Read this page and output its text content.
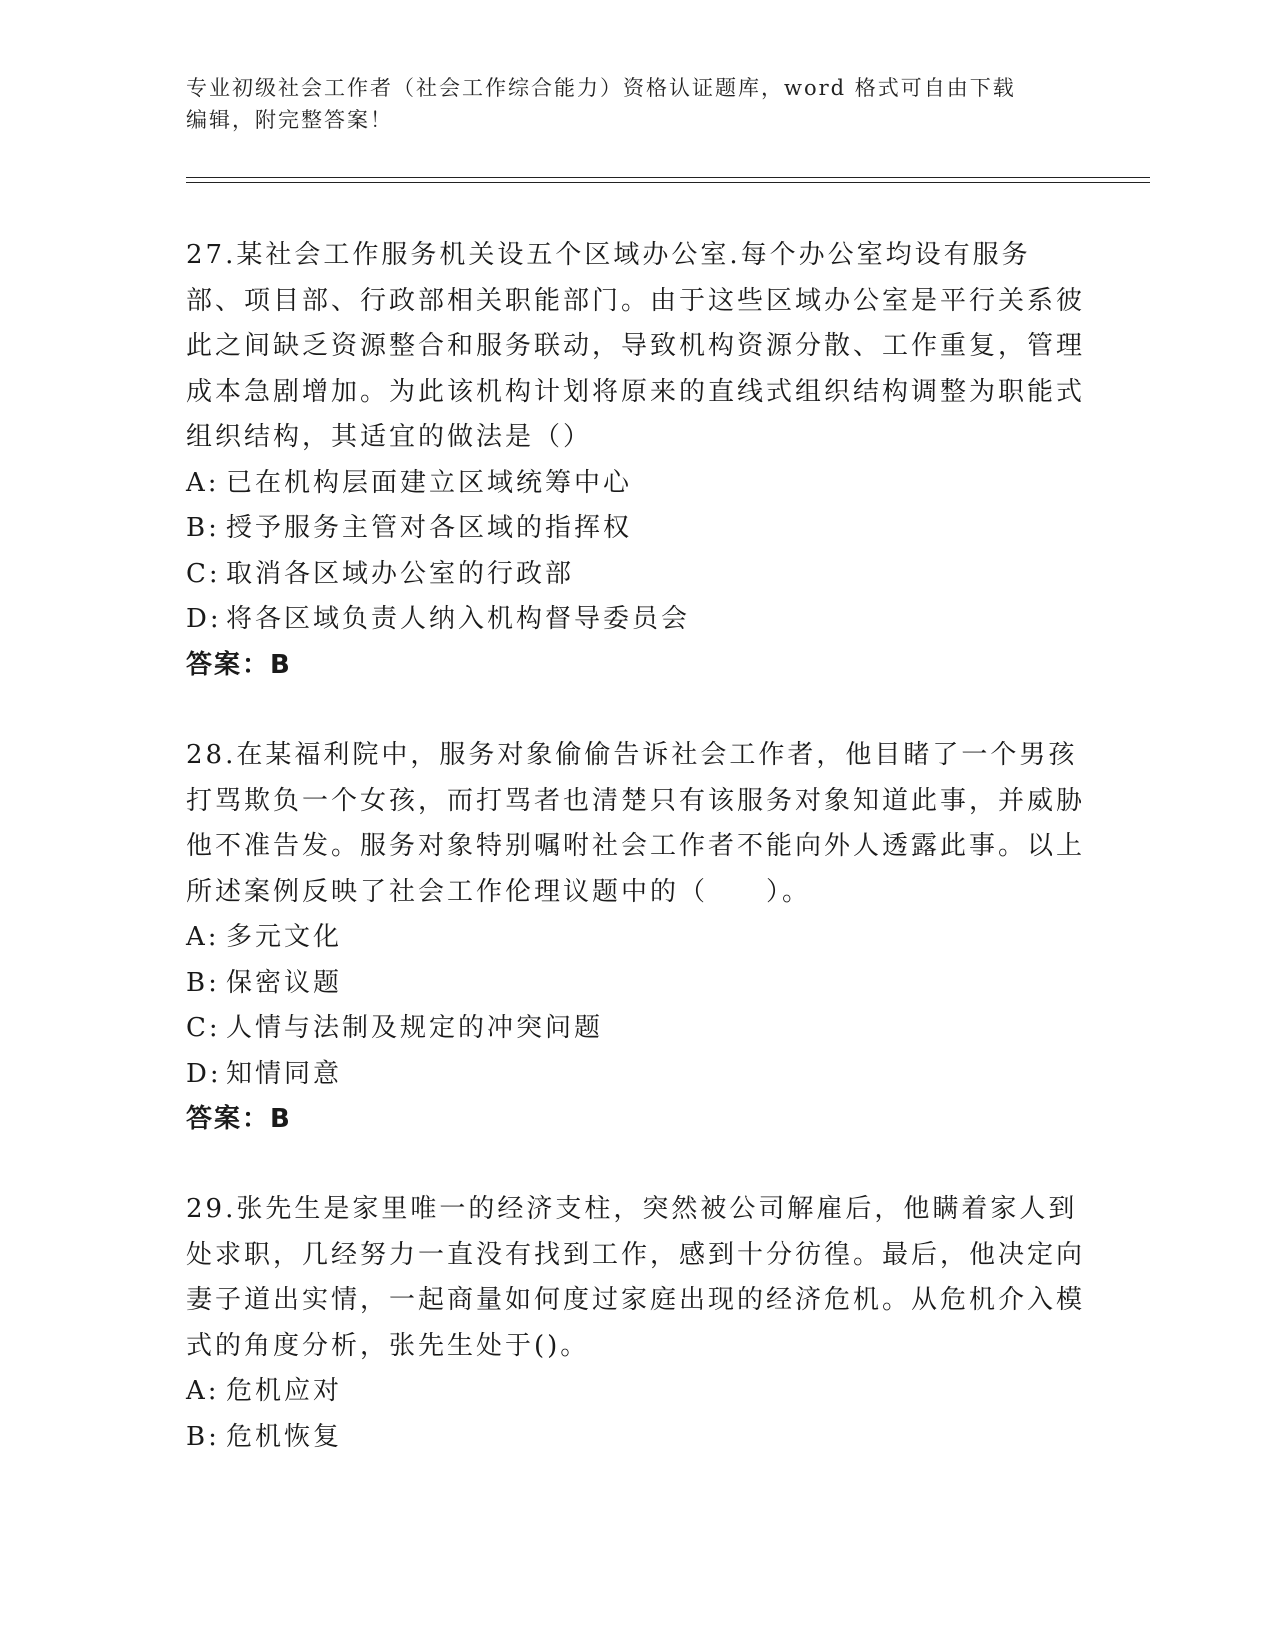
专业初级社会工作者（社会工作综合能力）资格认证题库，word 格式可自由下载
编辑，附完整答案！

27.某社会工作服务机关设五个区域办公室.每个办公室均设有服务部、项目部、行政部相关职能部门。由于这些区域办公室是平行关系彼此之间缺乏资源整合和服务联动，导致机构资源分散、工作重复，管理成本急剧增加。为此该机构计划将原来的直线式组织结构调整为职能式组织结构，其适宜的做法是（）

A: 已在机构层面建立区域统筹中心
B: 授予服务主管对各区域的指挥权
C: 取消各区域办公室的行政部
D: 将各区域负责人纳入机构督导委员会

答案：B

28.在某福利院中，服务对象偷偷告诉社会工作者，他目睹了一个男孩打骂欺负一个女孩，而打骂者也清楚只有该服务对象知道此事，并威胁他不准告发。服务对象特别嘱咐社会工作者不能向外人透露此事。以上所述案例反映了社会工作伦理议题中的（　　）。

A: 多元文化
B: 保密议题
C: 人情与法制及规定的冲突问题
D: 知情同意

答案：B

29.张先生是家里唯一的经济支柱，突然被公司解雇后，他瞒着家人到处求职，几经努力一直没有找到工作，感到十分彷徨。最后，他决定向妻子道出实情，一起商量如何度过家庭出现的经济危机。从危机介入模式的角度分析，张先生处于()。

A: 危机应对
B: 危机恢复
